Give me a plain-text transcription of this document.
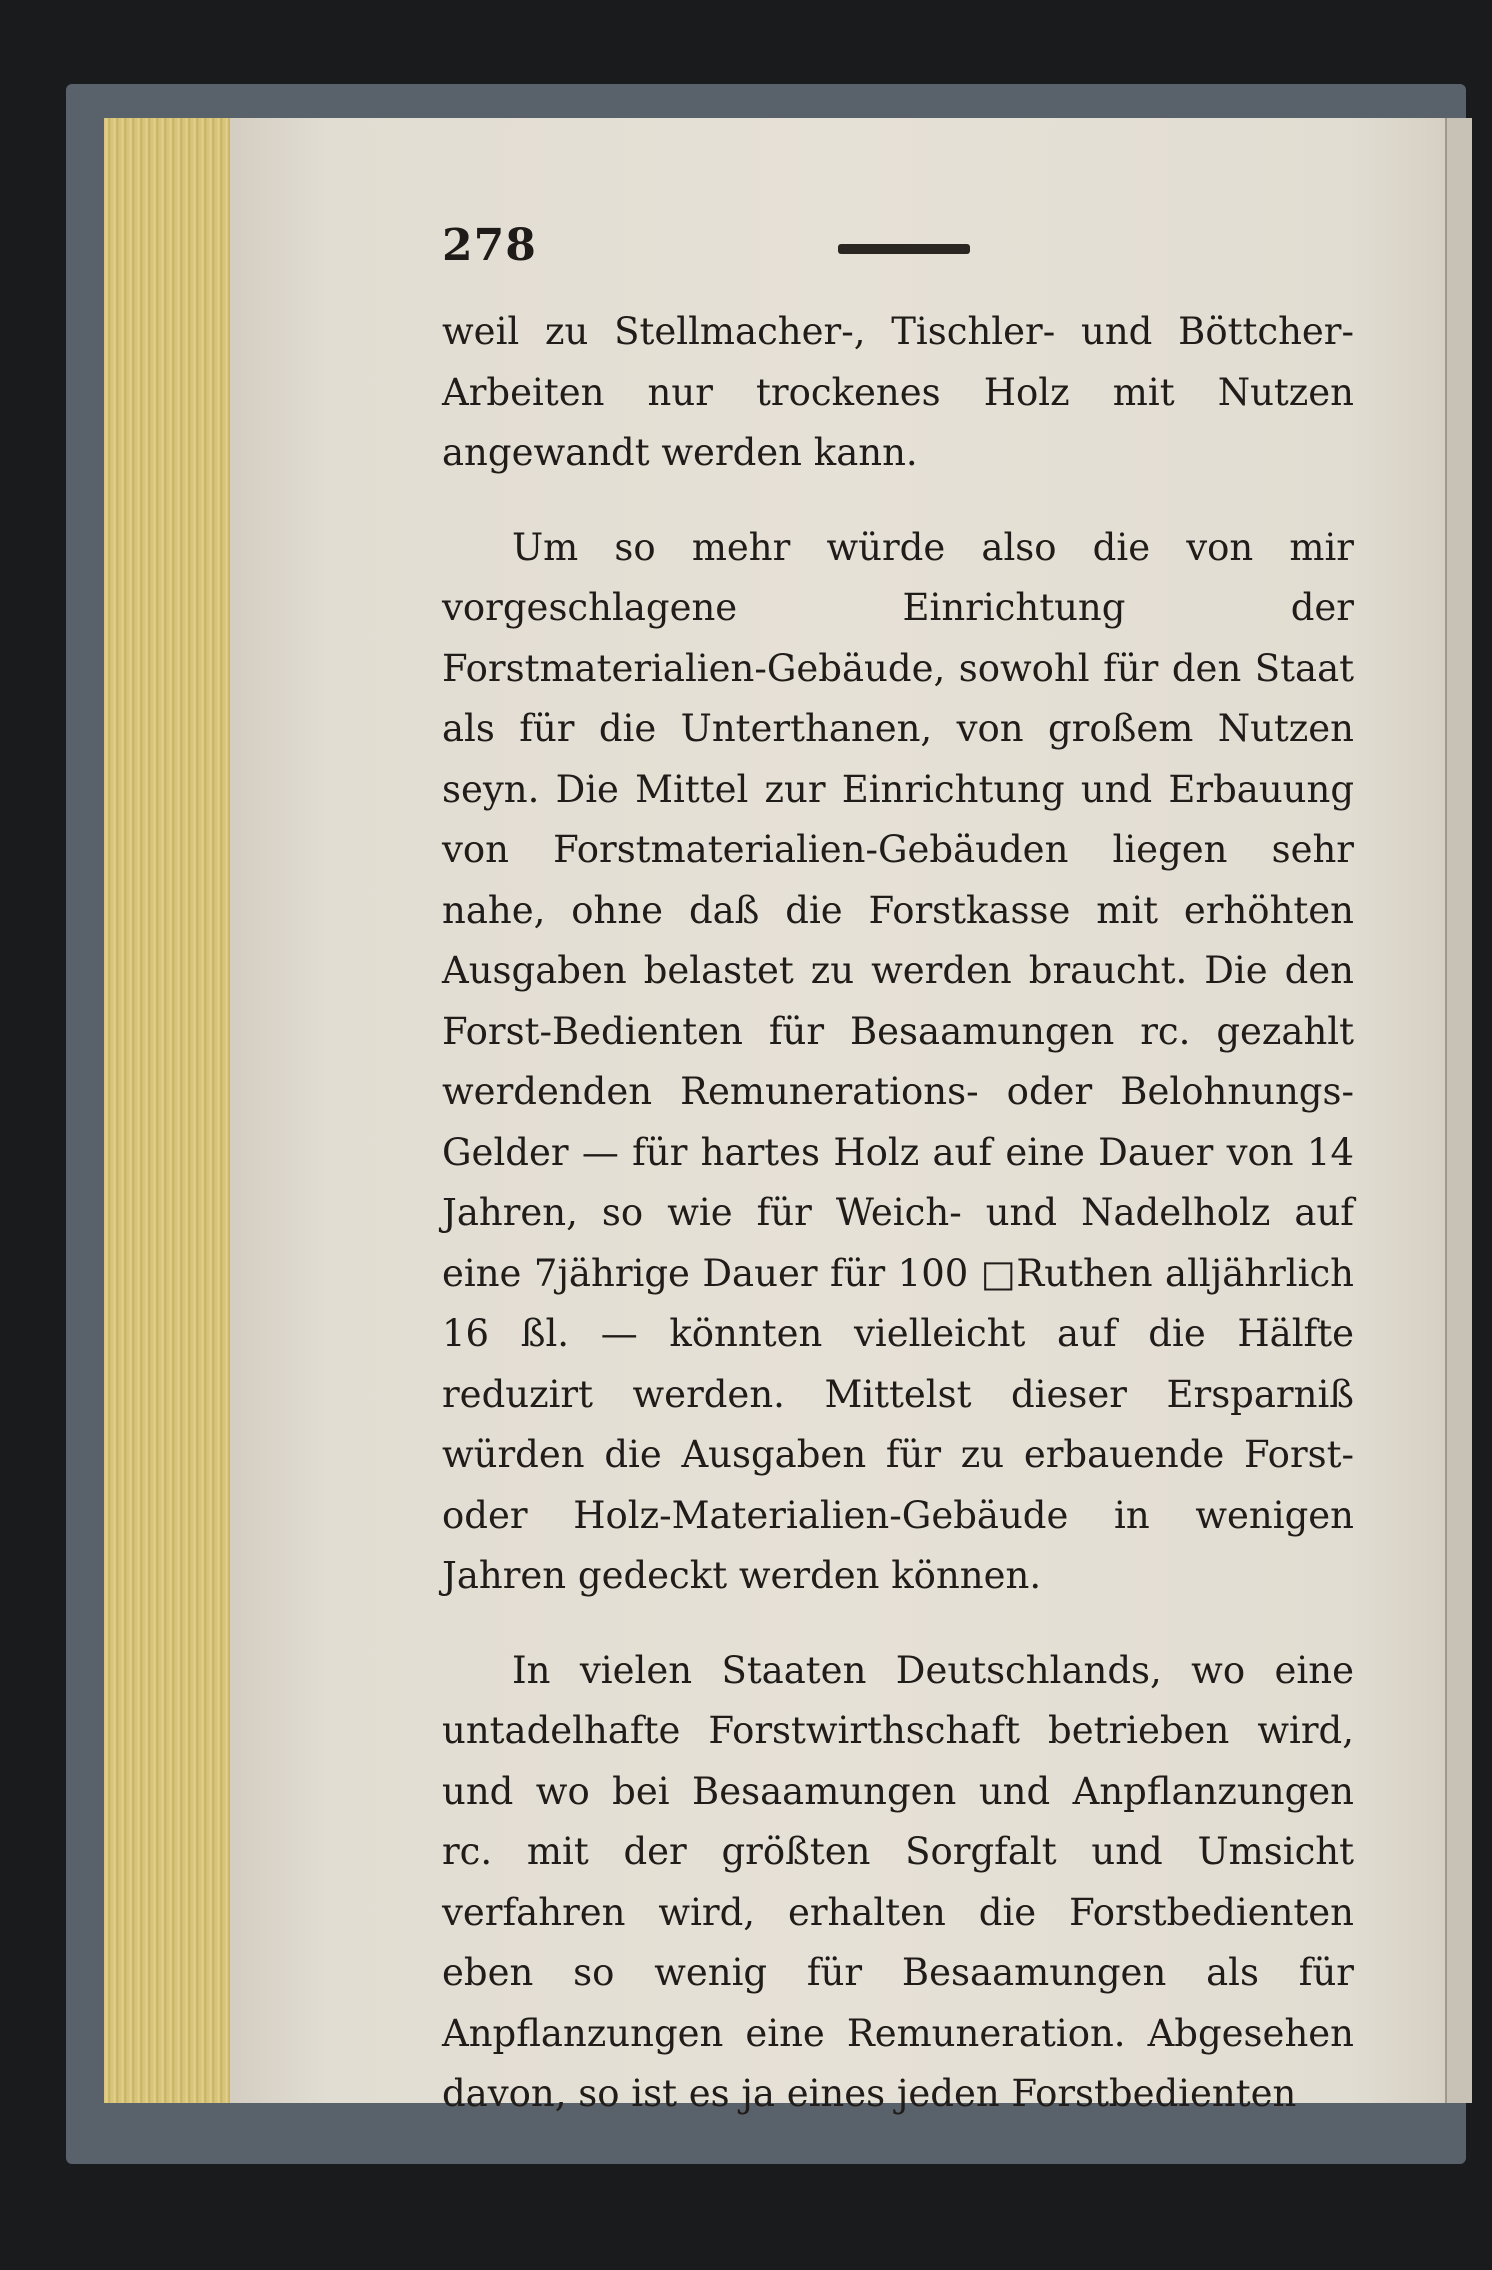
278

weil zu Stellmacher-, Tischler- und Böttcher-Arbeiten nur trockenes Holz mit Nutzen angewandt werden kann.

Um so mehr würde also die von mir vorgeschlagene Einrichtung der Forstmaterialien-Gebäude, sowohl für den Staat als für die Unterthanen, von großem Nutzen seyn. Die Mittel zur Einrichtung und Erbauung von Forstmaterialien-Gebäuden liegen sehr nahe, ohne daß die Forstkasse mit erhöhten Ausgaben belastet zu werden braucht. Die den Forst-Bedienten für Besaamungen rc. gezahlt werdenden Remunerations- oder Belohnungs-Gelder — für hartes Holz auf eine Dauer von 14 Jahren, so wie für Weich- und Nadelholz auf eine 7jährige Dauer für 100 □Ruthen alljährlich 16 ßl. — könnten vielleicht auf die Hälfte reduzirt werden. Mittelst dieser Ersparniß würden die Ausgaben für zu erbauende Forst- oder Holz-Materialien-Gebäude in wenigen Jahren gedeckt werden können.

In vielen Staaten Deutschlands, wo eine untadelhafte Forstwirthschaft betrieben wird, und wo bei Besaamungen und Anpflanzungen rc. mit der größten Sorgfalt und Umsicht verfahren wird, erhalten die Forstbedienten eben so wenig für Besaamungen als für Anpflanzungen eine Remuneration. Abgesehen davon, so ist es ja eines jeden Forstbedienten
